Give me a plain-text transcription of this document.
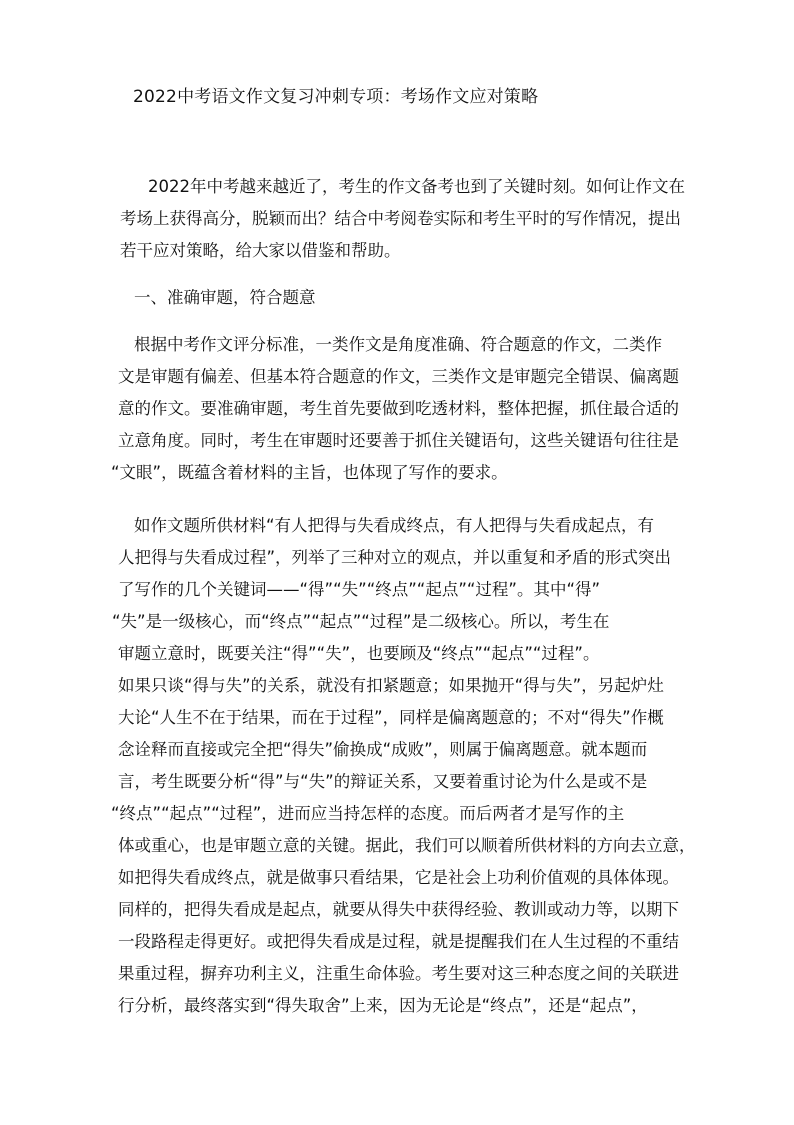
2022中考语文作文复习冲刺专项：考场作文应对策略
2022年中考越来越近了，考生的作文备考也到了关键时刻。如何让作文在
考场上获得高分，脱颖而出？结合中考阅卷实际和考生平时的写作情况，提出
若干应对策略，给大家以借鉴和帮助。
一、准确审题，符合题意
根据中考作文评分标准，一类作文是角度准确、符合题意的作文，二类作
文是审题有偏差、但基本符合题意的作文，三类作文是审题完全错误、偏离题
意的作文。要准确审题，考生首先要做到吃透材料，整体把握，抓住最合适的
立意角度。同时，考生在审题时还要善于抓住关键语句，这些关键语句往往是
“文眼”，既蕴含着材料的主旨，也体现了写作的要求。
如作文题所供材料“有人把得与失看成终点，有人把得与失看成起点，有
人把得与失看成过程”，列举了三种对立的观点，并以重复和矛盾的形式突出
了写作的几个关键词——“得”“失”“终点”“起点”“过程”。其中“得”
“失”是一级核心，而“终点”“起点”“过程”是二级核心。所以，考生在
审题立意时，既要关注“得”“失”，也要顾及“终点”“起点”“过程”。
如果只谈“得与失”的关系，就没有扣紧题意；如果抛开“得与失”，另起炉灶
大论“人生不在于结果，而在于过程”，同样是偏离题意的；不对“得失”作概
念诠释而直接或完全把“得失”偷换成“成败”，则属于偏离题意。就本题而
言，考生既要分析“得”与“失”的辩证关系，又要着重讨论为什么是或不是
“终点”“起点”“过程”，进而应当持怎样的态度。而后两者才是写作的主
体或重心，也是审题立意的关键。据此，我们可以顺着所供材料的方向去立意，
如把得失看成终点，就是做事只看结果，它是社会上功利价值观的具体体现。
同样的，把得失看成是起点，就要从得失中获得经验、教训或动力等，以期下
一段路程走得更好。或把得失看成是过程，就是提醒我们在人生过程的不重结
果重过程，摒弃功利主义，注重生命体验。考生要对这三种态度之间的关联进
行分析，最终落实到“得失取舍”上来，因为无论是“终点”，还是“起点”，
